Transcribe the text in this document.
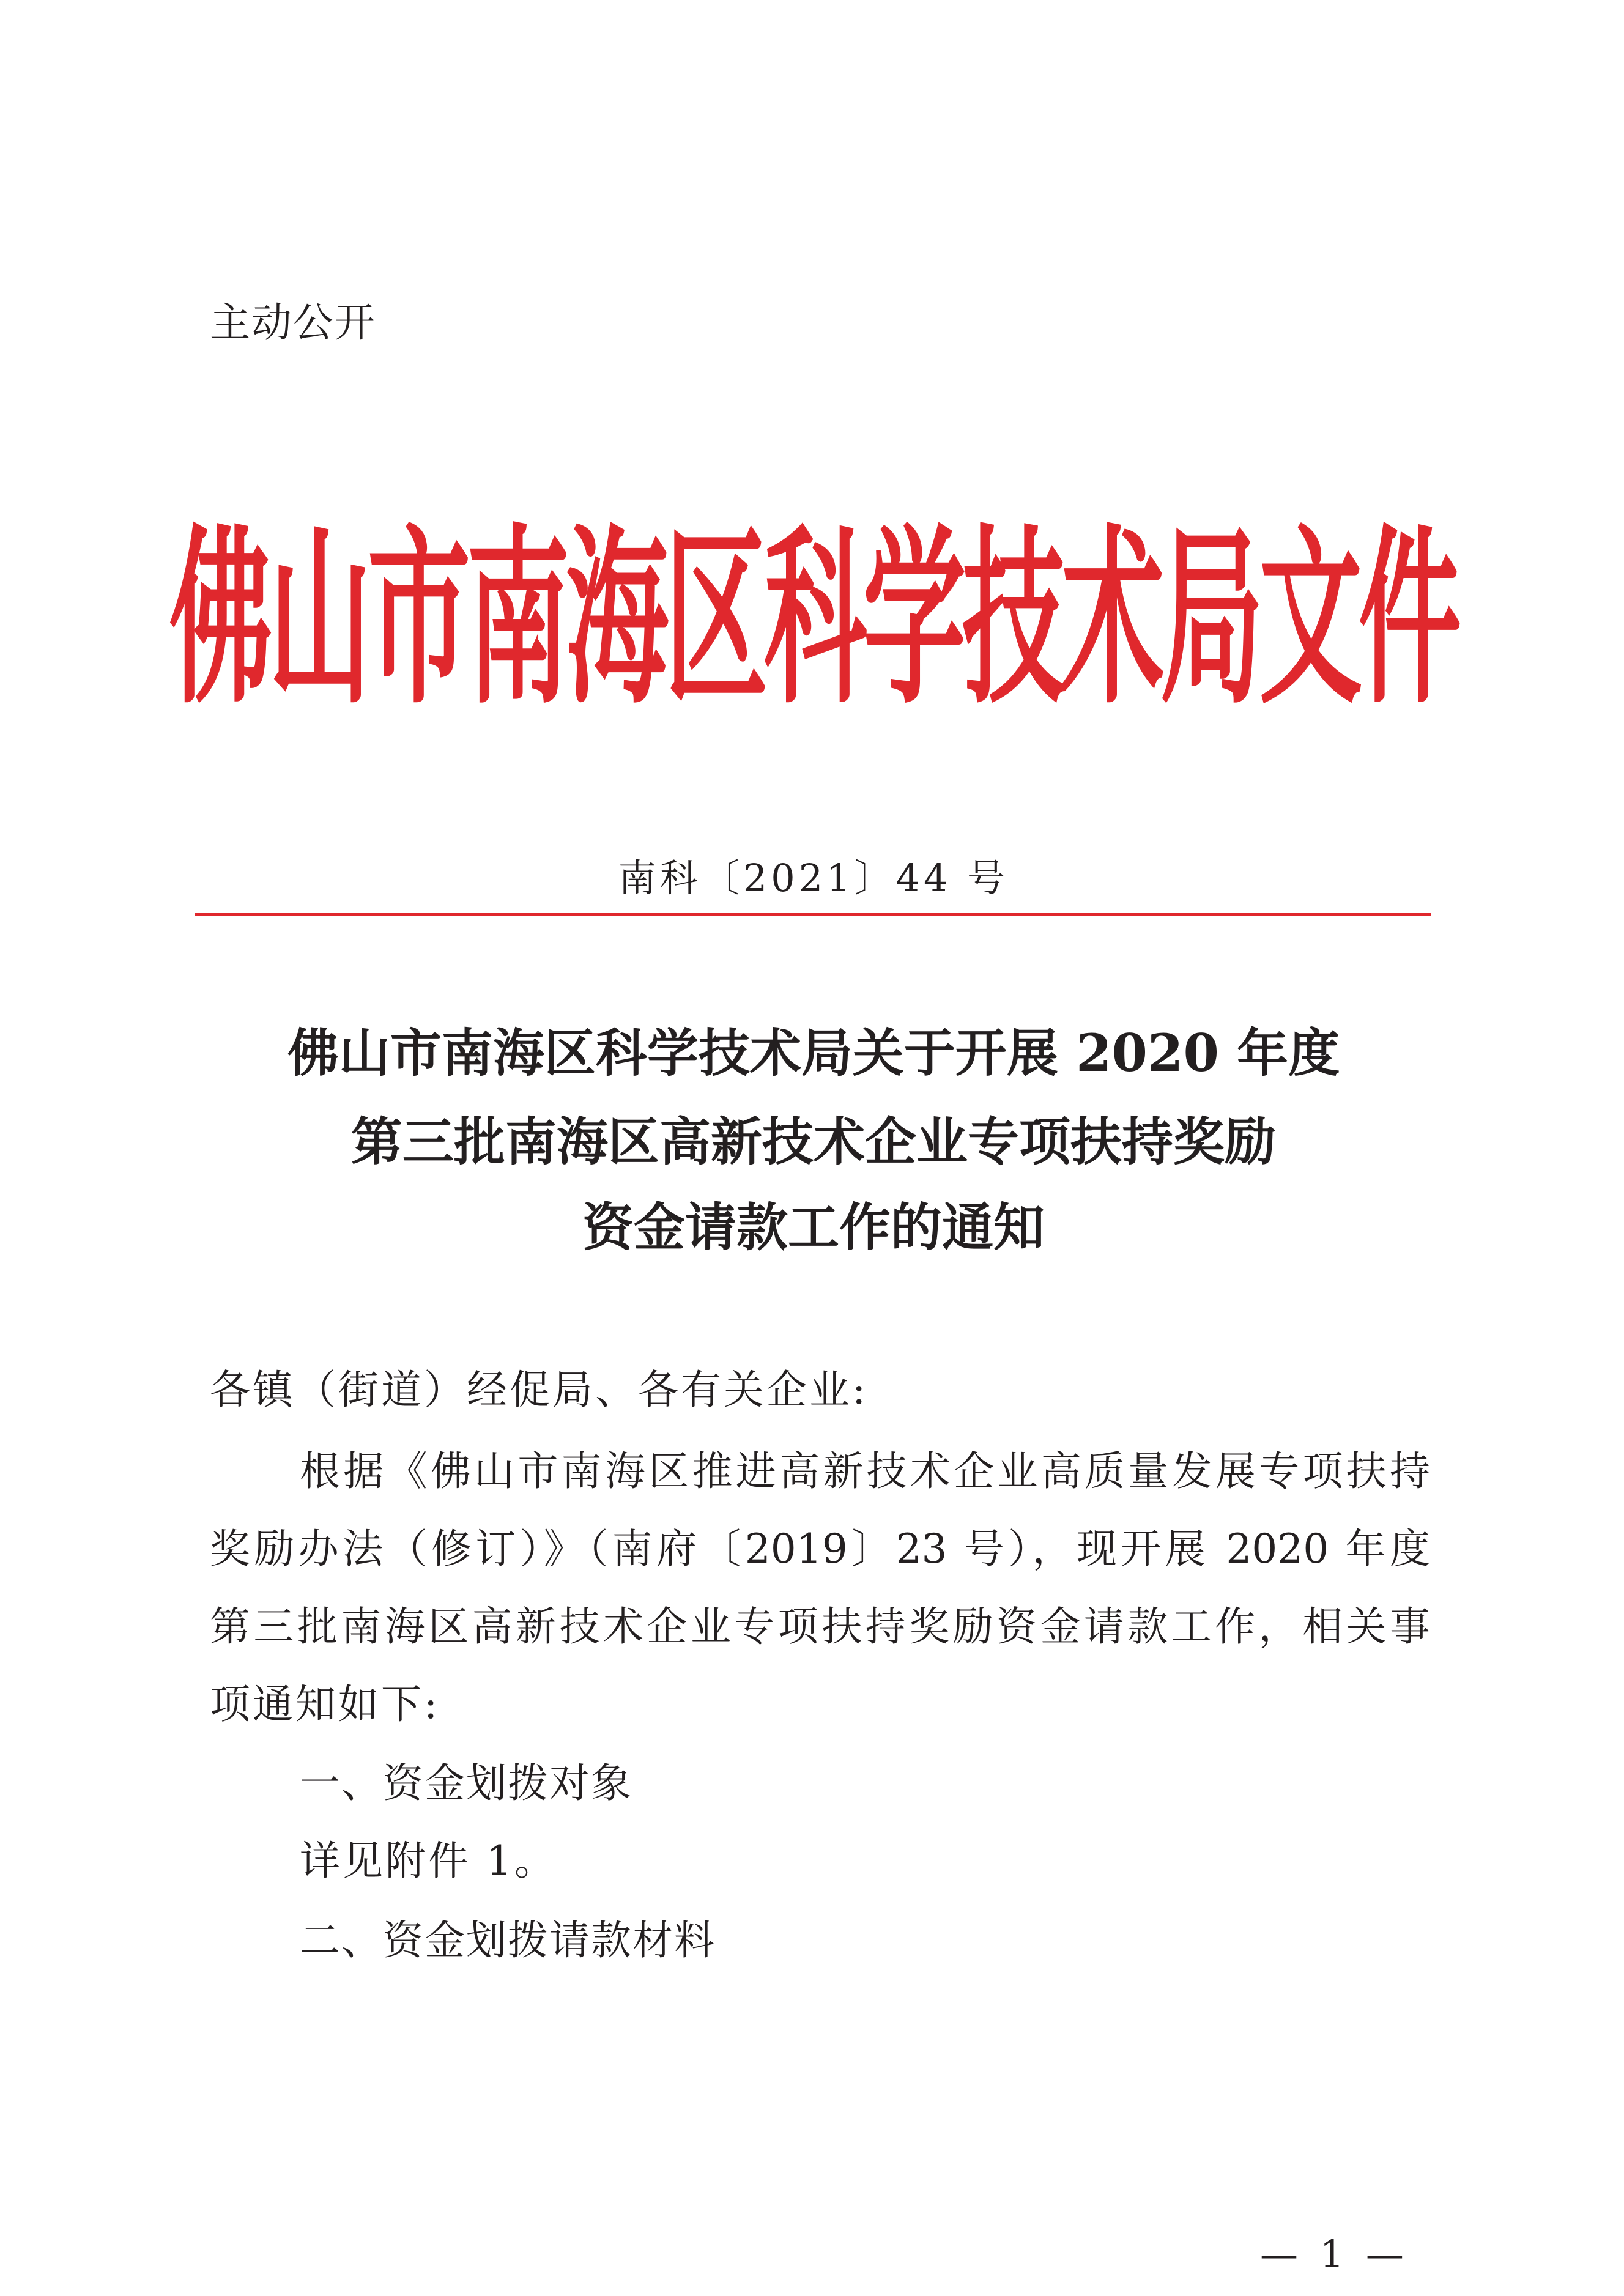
主动公开
佛山市南海区科学技术局文件
南科〔2021〕44 号
佛山市南海区科学技术局关于开展 2020 年度
第三批南海区高新技术企业专项扶持奖励
资金请款工作的通知
各镇（街道）经促局、各有关企业:
根据《佛山市南海区推进高新技术企业高质量发展专项扶持
奖励办法（修订）》（南府〔2019〕23 号），现开展 2020 年度
第三批南海区高新技术企业专项扶持奖励资金请款工作，相关事
项通知如下:
一、资金划拨对象
详见附件 1。
二、资金划拨请款材料
— 1 —
